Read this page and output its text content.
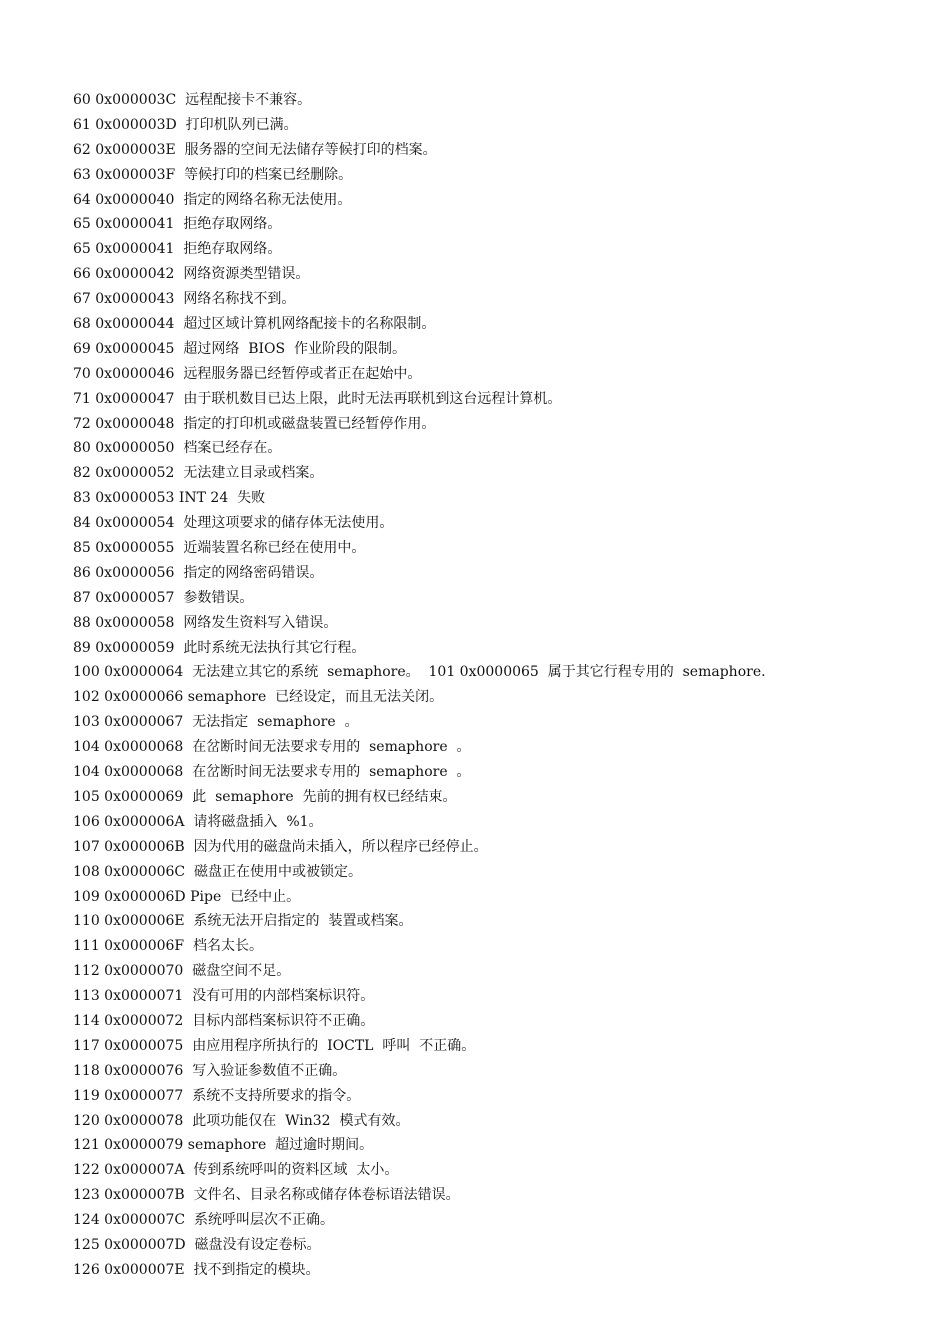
60 0x000003C  远程配接卡不兼容。
61 0x000003D  打印机队列已满。
62 0x000003E  服务器的空间无法储存等候打印的档案。
63 0x000003F  等候打印的档案已经删除。
64 0x0000040  指定的网络名称无法使用。
65 0x0000041  拒绝存取网络。
65 0x0000041  拒绝存取网络。
66 0x0000042  网络资源类型错误。
67 0x0000043  网络名称找不到。
68 0x0000044  超过区域计算机网络配接卡的名称限制。
69 0x0000045  超过网络  BIOS  作业阶段的限制。
70 0x0000046  远程服务器已经暂停或者正在起始中。
71 0x0000047  由于联机数目已达上限，此时无法再联机到这台远程计算机。
72 0x0000048  指定的打印机或磁盘装置已经暂停作用。
80 0x0000050  档案已经存在。
82 0x0000052  无法建立目录或档案。
83 0x0000053 INT 24  失败
84 0x0000054  处理这项要求的储存体无法使用。
85 0x0000055  近端装置名称已经在使用中。
86 0x0000056  指定的网络密码错误。
87 0x0000057  参数错误。
88 0x0000058  网络发生资料写入错误。
89 0x0000059  此时系统无法执行其它行程。
100 0x0000064  无法建立其它的系统  semaphore。  101 0x0000065  属于其它行程专用的  semaphore.
102 0x0000066 semaphore  已经设定，而且无法关闭。
103 0x0000067  无法指定  semaphore  。
104 0x0000068  在岔断时间无法要求专用的  semaphore  。
104 0x0000068  在岔断时间无法要求专用的  semaphore  。
105 0x0000069  此  semaphore  先前的拥有权已经结束。
106 0x000006A  请将磁盘插入  %1。
107 0x000006B  因为代用的磁盘尚未插入，所以程序已经停止。
108 0x000006C  磁盘正在使用中或被锁定。
109 0x000006D Pipe  已经中止。
110 0x000006E  系统无法开启指定的  装置或档案。
111 0x000006F  档名太长。
112 0x0000070  磁盘空间不足。
113 0x0000071  没有可用的内部档案标识符。
114 0x0000072  目标内部档案标识符不正确。
117 0x0000075  由应用程序所执行的  IOCTL  呼叫  不正确。
118 0x0000076  写入验证参数值不正确。
119 0x0000077  系统不支持所要求的指令。
120 0x0000078  此项功能仅在  Win32  模式有效。
121 0x0000079 semaphore  超过逾时期间。
122 0x000007A  传到系统呼叫的资料区域  太小。
123 0x000007B  文件名、目录名称或储存体卷标语法错误。
124 0x000007C  系统呼叫层次不正确。
125 0x000007D  磁盘没有设定卷标。
126 0x000007E  找不到指定的模块。
